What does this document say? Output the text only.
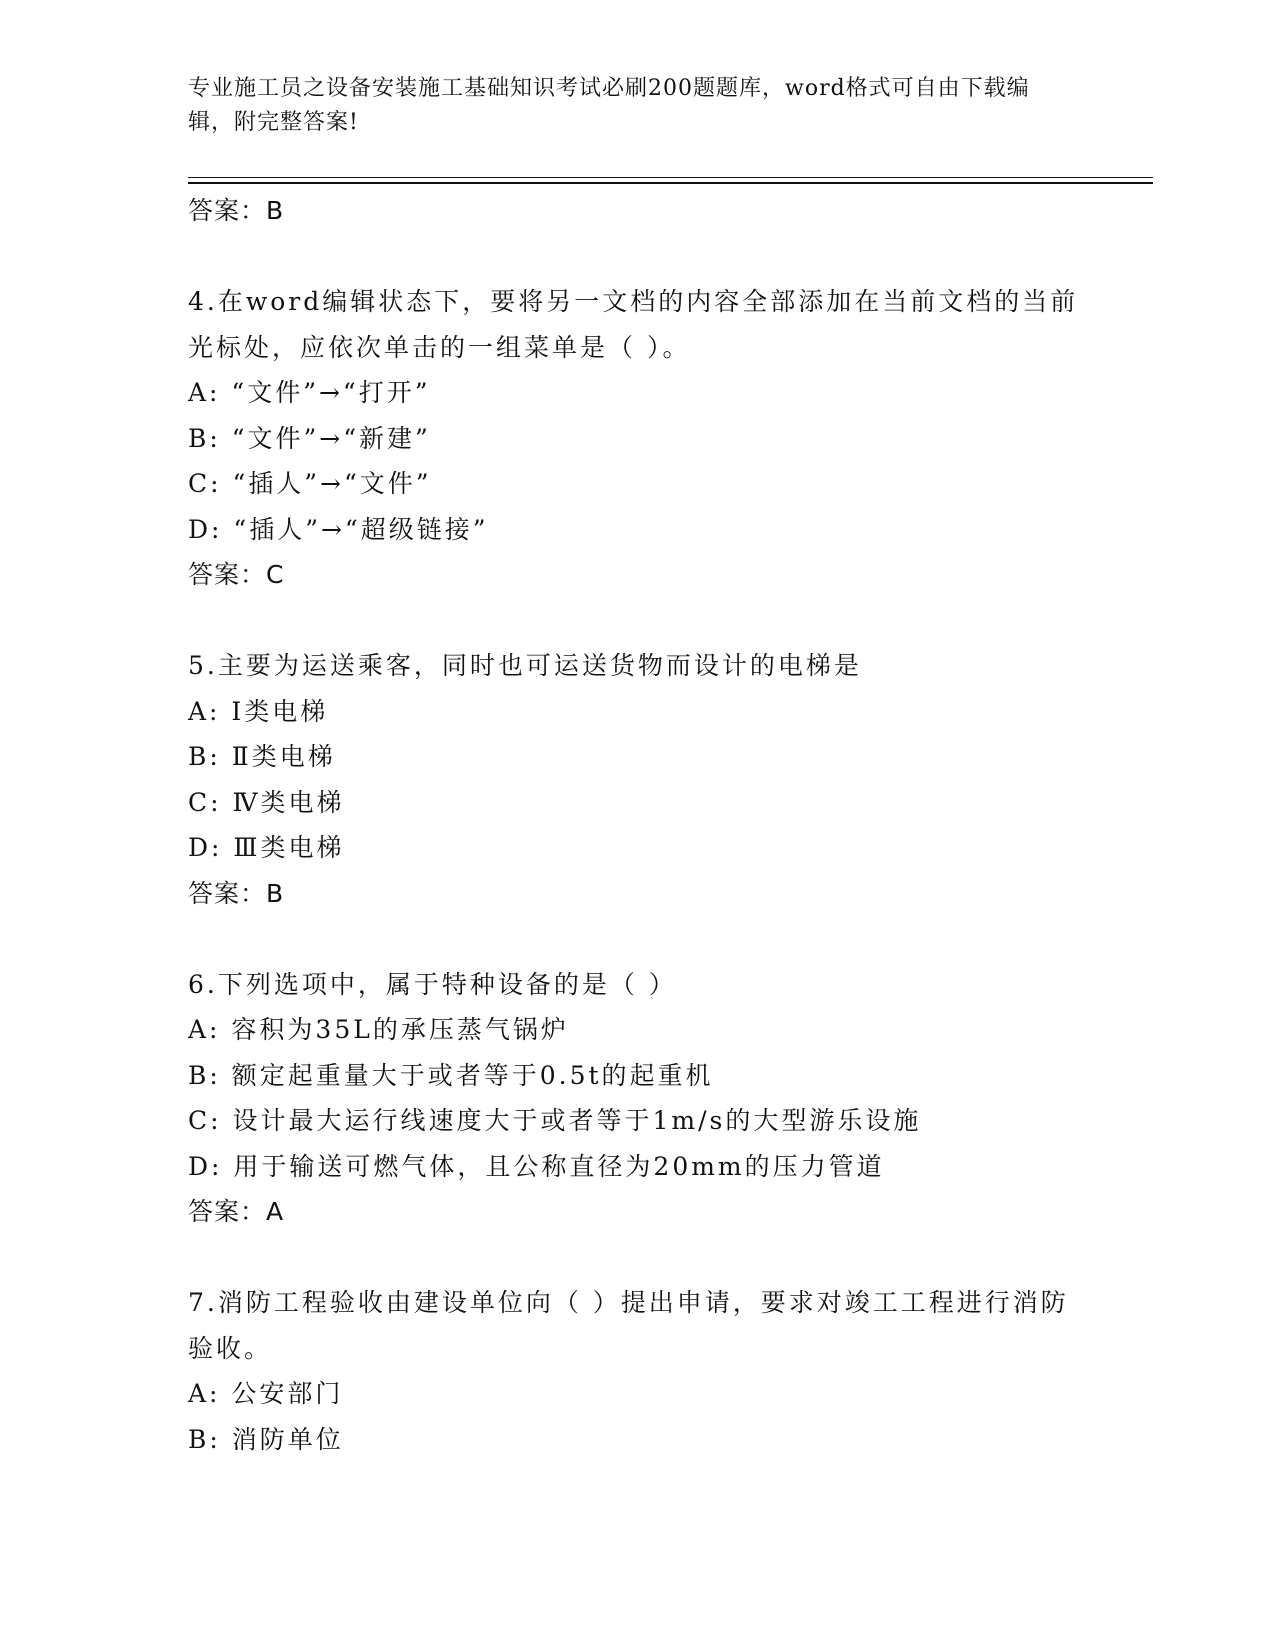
专业施工员之设备安装施工基础知识考试必刷200题题库，word格式可自由下载编辑，附完整答案!
答案：B
4.在word编辑状态下，要将另一文档的内容全部添加在当前文档的当前光标处，应依次单击的一组菜单是（ ）。
A: “文件”→“打开”
B: “文件”→“新建”
C: “插人”→“文件”
D: “插人”→“超级链接”
答案：C
5.主要为运送乘客，同时也可运送货物而设计的电梯是
A: Ⅰ类电梯
B: Ⅱ类电梯
C: Ⅳ类电梯
D: Ⅲ类电梯
答案：B
6.下列选项中，属于特种设备的是（ ）
A: 容积为35L的承压蒸气锅炉
B: 额定起重量大于或者等于0.5t的起重机
C: 设计最大运行线速度大于或者等于1m/s的大型游乐设施
D: 用于输送可燃气体，且公称直径为20mm的压力管道
答案：A
7.消防工程验收由建设单位向（ ）提出申请，要求对竣工工程进行消防验收。
A: 公安部门
B: 消防单位
